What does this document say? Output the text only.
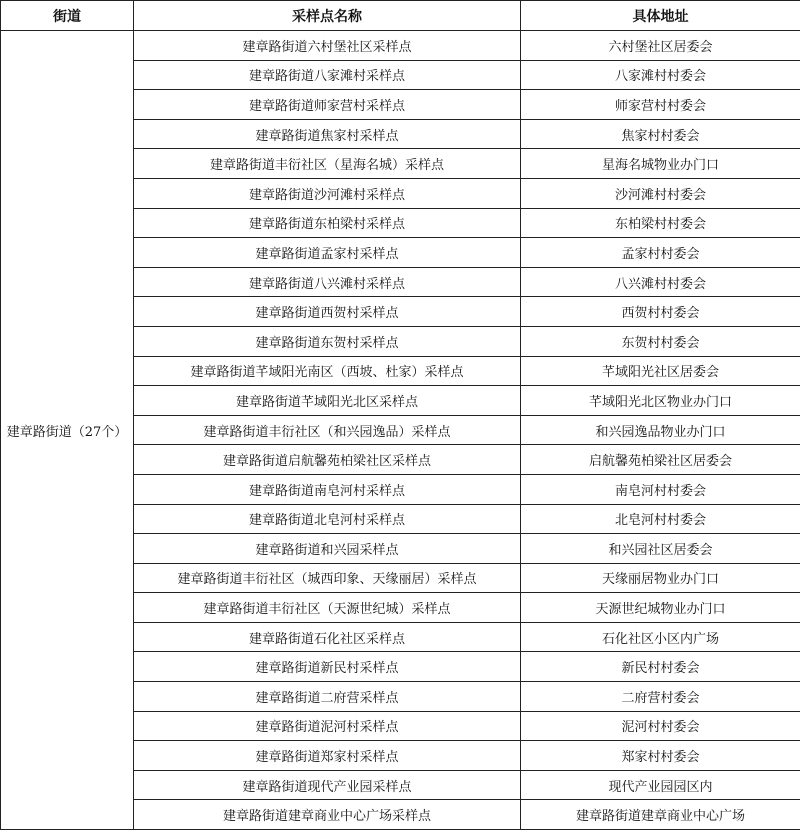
街道	采样点名称	具体地址
建章路街道（27个）	建章路街道六村堡社区采样点	六村堡社区居委会
	建章路街道八家滩村采样点	八家滩村村委会
	建章路街道师家营村采样点	师家营村村委会
	建章路街道焦家村采样点	焦家村村委会
	建章路街道丰衍社区（星海名城）采样点	星海名城物业办门口
	建章路街道沙河滩村采样点	沙河滩村村委会
	建章路街道东柏梁村采样点	东柏梁村村委会
	建章路街道孟家村采样点	孟家村村委会
	建章路街道八兴滩村采样点	八兴滩村村委会
	建章路街道西贺村采样点	西贺村村委会
	建章路街道东贺村采样点	东贺村村委会
	建章路街道芊域阳光南区（西坡、杜家）采样点	芊域阳光社区居委会
	建章路街道芊域阳光北区采样点	芊域阳光北区物业办门口
	建章路街道丰衍社区（和兴园逸品）采样点	和兴园逸品物业办门口
	建章路街道启航馨苑柏梁社区采样点	启航馨苑柏梁社区居委会
	建章路街道南皂河村采样点	南皂河村村委会
	建章路街道北皂河村采样点	北皂河村村委会
	建章路街道和兴园采样点	和兴园社区居委会
	建章路街道丰衍社区（城西印象、天缘丽居）采样点	天缘丽居物业办门口
	建章路街道丰衍社区（天源世纪城）采样点	天源世纪城物业办门口
	建章路街道石化社区采样点	石化社区小区内广场
	建章路街道新民村采样点	新民村村委会
	建章路街道二府营采样点	二府营村委会
	建章路街道泥河村采样点	泥河村村委会
	建章路街道郑家村采样点	郑家村村委会
	建章路街道现代产业园采样点	现代产业园园区内
	建章路街道建章商业中心广场采样点	建章路街道建章商业中心广场
